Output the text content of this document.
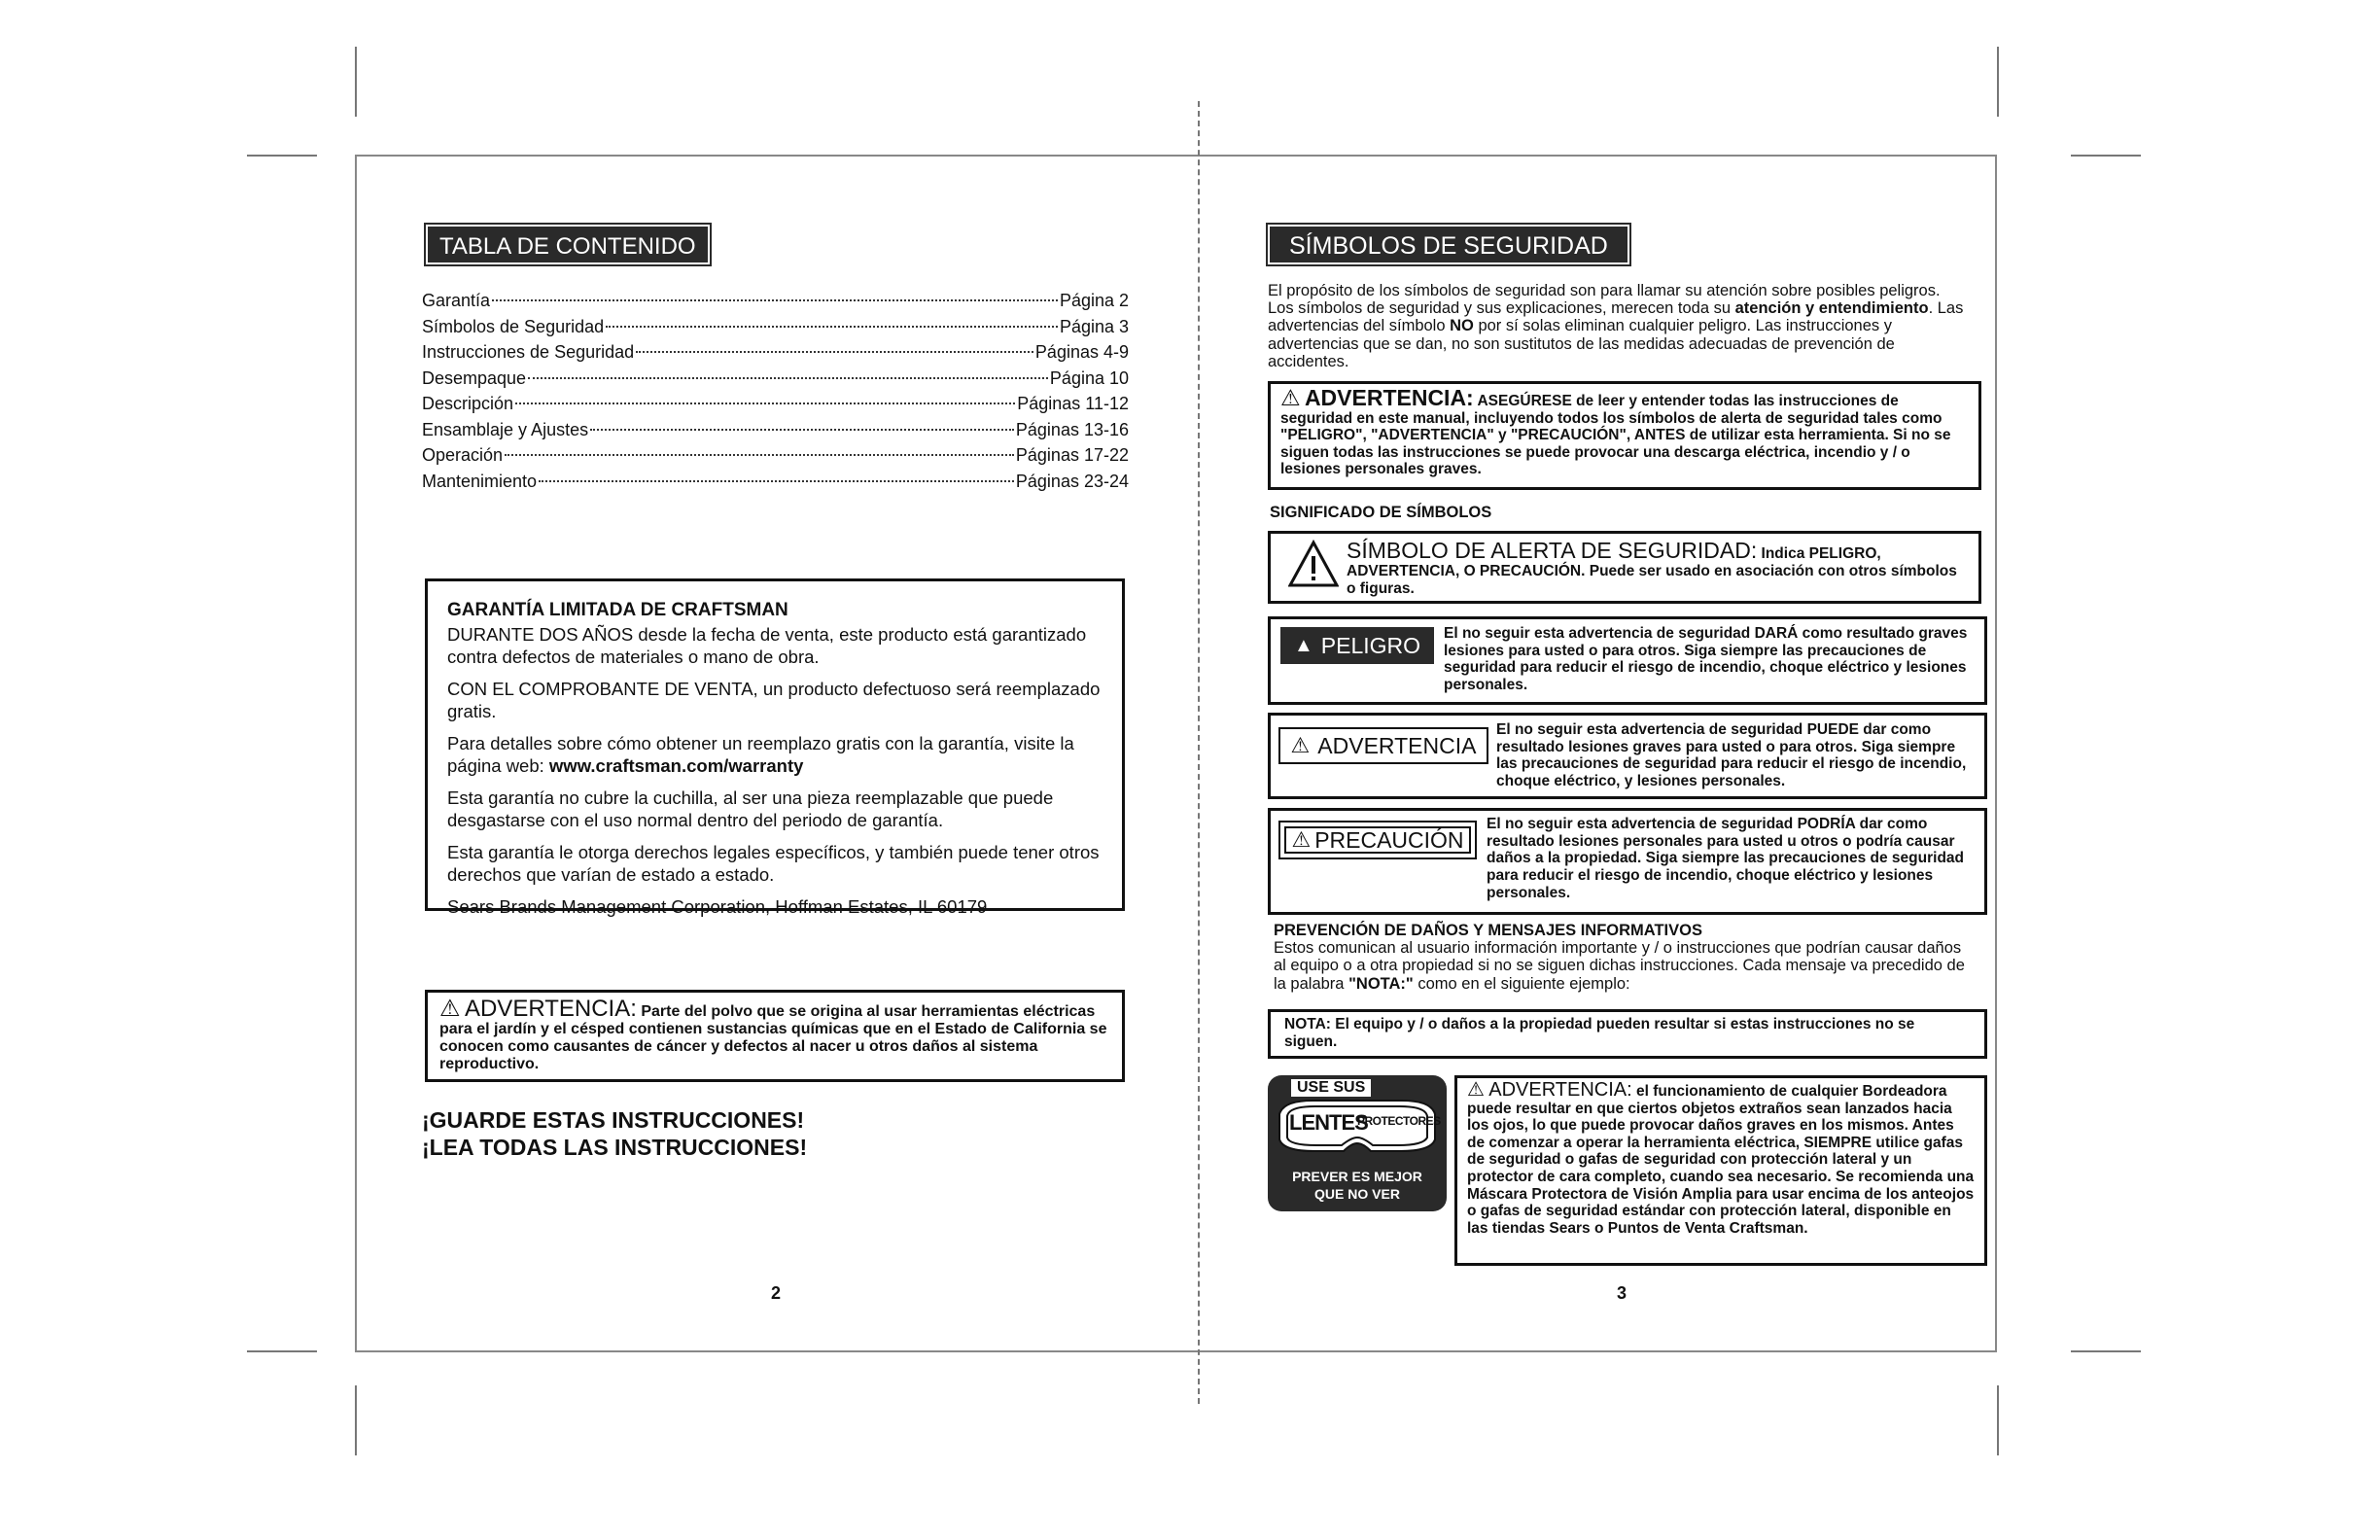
TABLA DE CONTENIDO
Garantía	Página 2
Símbolos de Seguridad	Página 3
Instrucciones de Seguridad	Páginas 4-9
Desempaque	Página 10
Descripción	Páginas 11-12
Ensamblaje y Ajustes	Páginas 13-16
Operación	Páginas 17-22
Mantenimiento	Páginas 23-24
GARANTÍA LIMITADA DE CRAFTSMAN

DURANTE DOS AÑOS desde la fecha de venta, este producto está garantizado contra defectos de materiales o mano de obra.

CON EL COMPROBANTE DE VENTA, un producto defectuoso será reemplazado gratis.

Para detalles sobre cómo obtener un reemplazo gratis con la garantía, visite la página web: www.craftsman.com/warranty

Esta garantía no cubre la cuchilla, al ser una pieza reemplazable que puede desgastarse con el uso normal dentro del periodo de garantía.

Esta garantía le otorga derechos legales específicos, y también puede tener otros derechos que varían de estado a estado.

Sears Brands Management Corporation, Hoffman Estates, IL 60179

⚠ ADVERTENCIA: Parte del polvo que se origina al usar herramientas eléctricas para el jardín y el césped contienen sustancias químicas que en el Estado de California se conocen como causantes de cáncer y defectos al nacer u otros daños al sistema reproductivo.
¡GUARDE ESTAS INSTRUCCIONES!
¡LEA TODAS LAS INSTRUCCIONES!
2
SÍMBOLOS DE SEGURIDAD
El propósito de los símbolos de seguridad son para llamar su atención sobre posibles peligros. Los símbolos de seguridad y sus explicaciones, merecen toda su atención y entendimiento. Las advertencias del símbolo NO por sí solas eliminan cualquier peligro. Las instrucciones y advertencias que se dan, no son sustitutos de las medidas adecuadas de prevención de accidentes.
⚠ ADVERTENCIA: ASEGÚRESE de leer y entender todas las instrucciones de seguridad en este manual, incluyendo todos los símbolos de alerta de seguridad tales como "PELIGRO", "ADVERTENCIA" y "PRECAUCIÓN", ANTES de utilizar esta herramienta. Si no se siguen todas las instrucciones se puede provocar una descarga eléctrica, incendio y / o lesiones personales graves.
SIGNIFICADO DE SÍMBOLOS
SÍMBOLO DE ALERTA DE SEGURIDAD: Indica PELIGRO, ADVERTENCIA, O PRECAUCIÓN. Puede ser usado en asociación con otros símbolos o figuras.
▲ PELIGRO El no seguir esta advertencia de seguridad DARÁ como resultado graves lesiones para usted o para otros. Siga siempre las precauciones de seguridad para reducir el riesgo de incendio, choque eléctrico y lesiones personales.
⚠ ADVERTENCIA
El no seguir esta advertencia de seguridad PUEDE dar como resultado lesiones graves para usted o para otros. Siga siempre las precauciones de seguridad para reducir el riesgo de incendio, choque eléctrico, y lesiones personales.
⚠ PRECAUCIÓN
El no seguir esta advertencia de seguridad PODRÍA dar como resultado lesiones personales para usted u otros o podría causar daños a la propiedad. Siga siempre las precauciones de seguridad para reducir el riesgo de incendio, choque eléctrico y lesiones personales.
PREVENCIÓN DE DAÑOS Y MENSAJES INFORMATIVOS
Estos comunican al usuario información importante y / o instrucciones que podrían causar daños al equipo o a otra propiedad si no se siguen dichas instrucciones. Cada mensaje va precedido de la palabra "NOTA:" como en el siguiente ejemplo:
NOTA: El equipo y / o daños a la propiedad pueden resultar si estas instrucciones no se siguen.
USE SUS
LENTES
PROTECTORES
PREVER ES MEJOR
QUE NO VER
⚠ ADVERTENCIA: el funcionamiento de cualquier Bordeadora puede resultar en que ciertos objetos extraños sean lanzados hacia los ojos, lo que puede provocar daños graves en los mismos. Antes de comenzar a operar la herramienta eléctrica, SIEMPRE utilice gafas de seguridad o gafas de seguridad con protección lateral y un protector de cara completo, cuando sea necesario. Se recomienda una Máscara Protectora de Visión Amplia para usar encima de los anteojos o gafas de seguridad estándar con protección lateral, disponible en las tiendas Sears o Puntos de Venta Craftsman.
3
